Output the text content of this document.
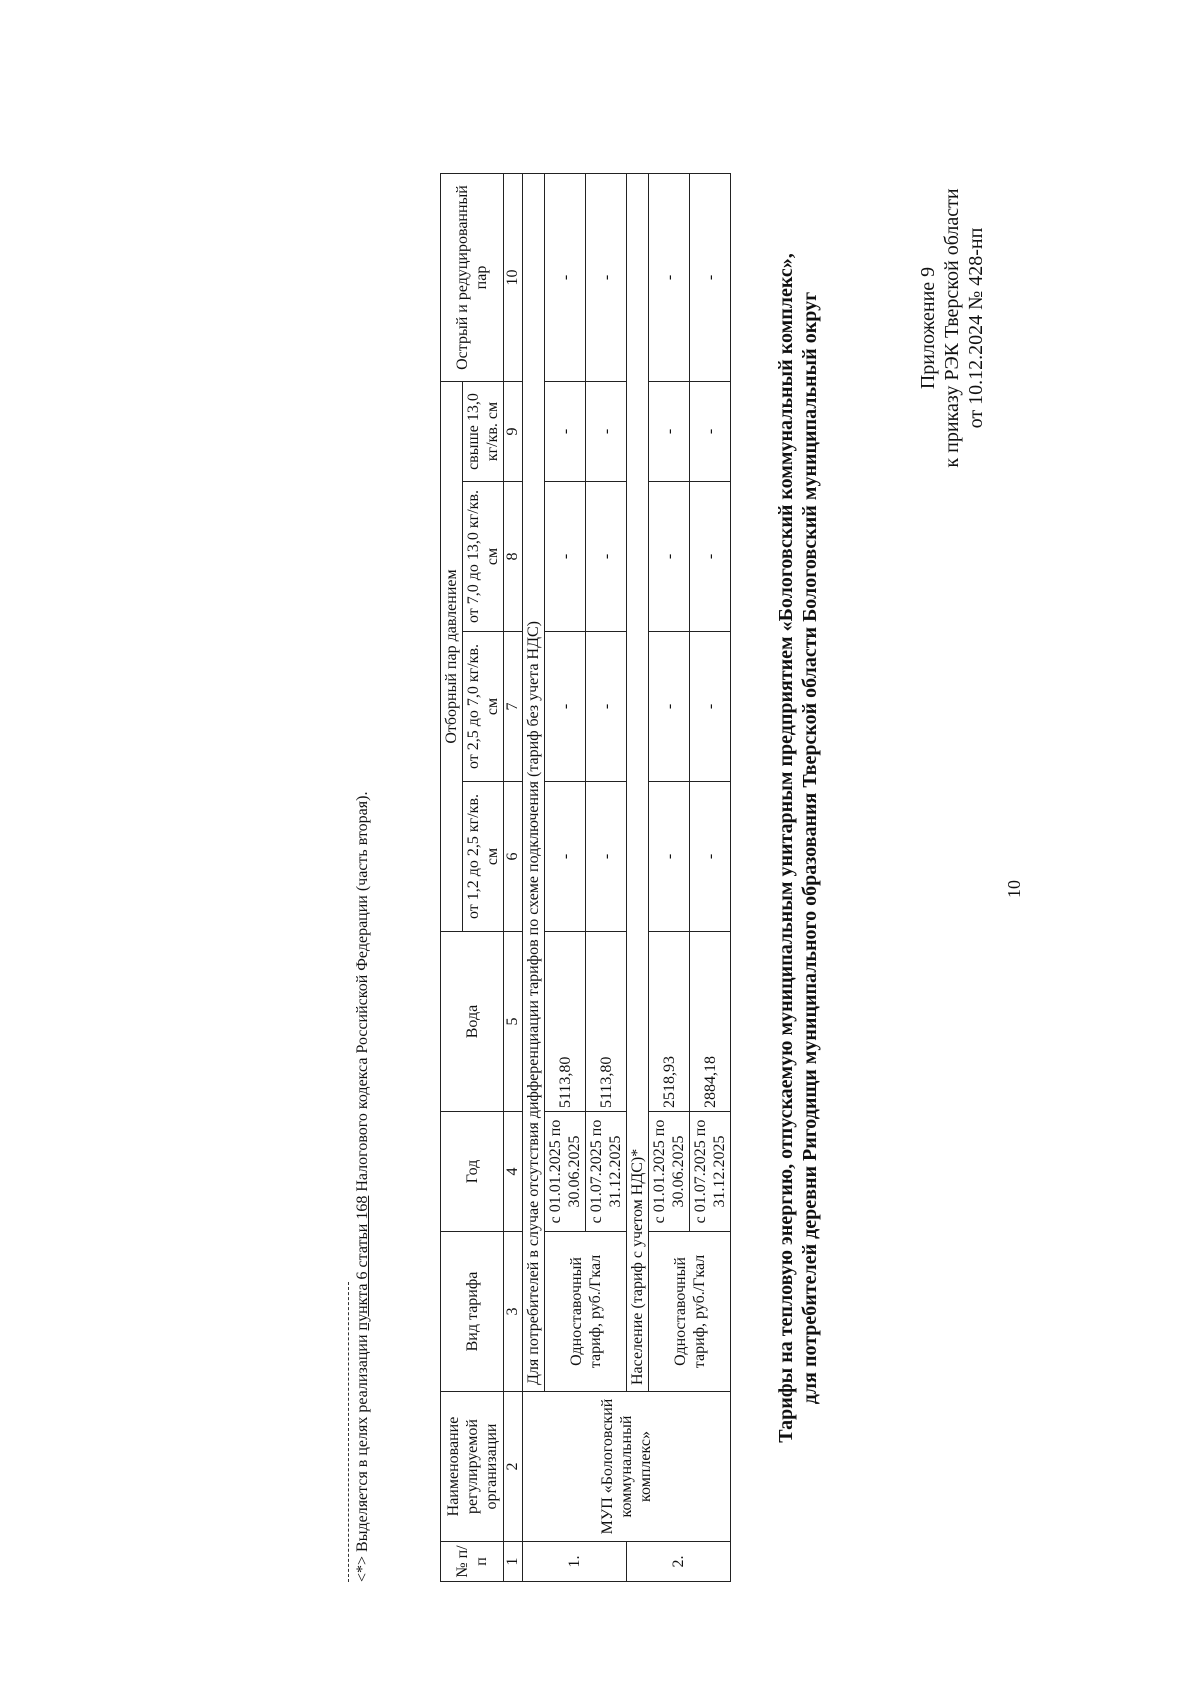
10
Приложение 9 к приказу РЭК Тверской области от 10.12.2024 № 428-нп
Тарифы на тепловую энергию, отпускаемую муниципальным унитарным предприятием «Бологовский коммунальный комплекс», для потребителей деревни Ригодищи муниципального образования Тверской области Бологовский муниципальный округ
№ п/п	Наименование регулируемой организации	Вид тарифа	Год	Вода	Отборный пар давлением				Острый и редуцированный пар
					от 1,2 до 2,5 кг/кв. см	от 2,5 до 7,0 кг/кв. см	от 7,0 до 13,0 кг/кв. см	свыше 13,0 кг/кв. см	
1	2	3	4	5	6	7	8	9	10
1.	МУП «Бологовский коммунальный комплекс»	Для потребителей в случае отсутствия дифференциации тарифов по схеме подключения (тариф без учета НДС)							
		Одноставочный тариф, руб./Гкал	с 01.01.2025 по 30.06.2025	5113,80	-	-	-	-	-
			с 01.07.2025 по 31.12.2025	5113,80	-	-	-	-	-
2.		Население (тариф с учетом НДС)*							
		Одноставочный тариф, руб./Гкал	с 01.01.2025 по 30.06.2025	2518,93	-	-	-	-	-
			с 01.07.2025 по 31.12.2025	2884,18	-	-	-	-	-
<*> Выделяется в целях реализации пункта 6 статьи 168 Налогового кодекса Российской Федерации (часть вторая).
